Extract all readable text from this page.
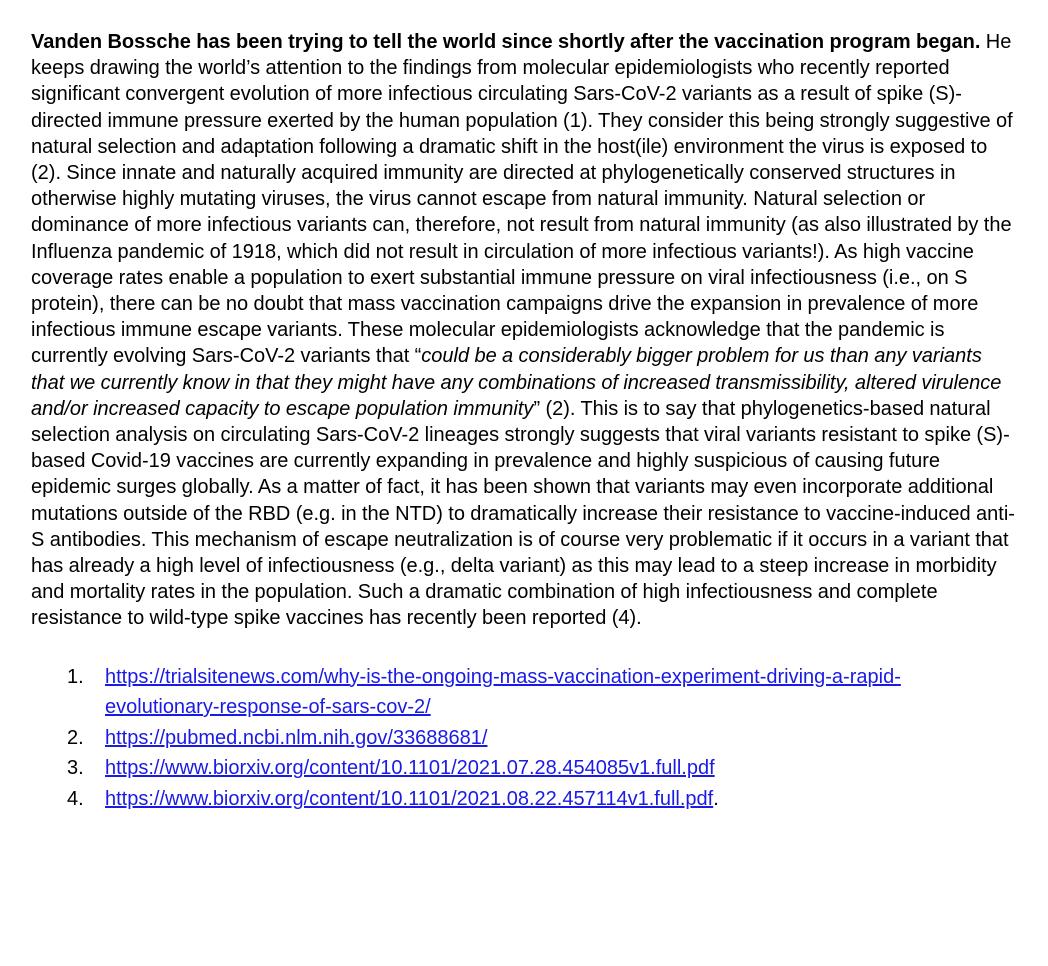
Vanden Bossche has been trying to tell the world since shortly after the vaccination program began. He keeps drawing the world’s attention to the findings from molecular epidemiologists who recently reported significant convergent evolution of more infectious circulating Sars-CoV-2 variants as a result of spike (S)-directed immune pressure exerted by the human population (1). They consider this being strongly suggestive of natural selection and adaptation following a dramatic shift in the host(ile) environment the virus is exposed to (2). Since innate and naturally acquired immunity are directed at phylogenetically conserved structures in otherwise highly mutating viruses, the virus cannot escape from natural immunity. Natural selection or dominance of more infectious variants can, therefore, not result from natural immunity (as also illustrated by the Influenza pandemic of 1918, which did not result in circulation of more infectious variants!). As high vaccine coverage rates enable a population to exert substantial immune pressure on viral infectiousness (i.e., on S protein), there can be no doubt that mass vaccination campaigns drive the expansion in prevalence of more infectious immune escape variants. These molecular epidemiologists acknowledge that the pandemic is currently evolving Sars-CoV-2 variants that “could be a considerably bigger problem for us than any variants that we currently know in that they might have any combinations of increased transmissibility, altered virulence and/or increased capacity to escape population immunity” (2). This is to say that phylogenetics-based natural selection analysis on circulating Sars-CoV-2 lineages strongly suggests that viral variants resistant to spike (S)-based Covid-19 vaccines are currently expanding in prevalence and highly suspicious of causing future epidemic surges globally. As a matter of fact, it has been shown that variants may even incorporate additional mutations outside of the RBD (e.g. in the NTD) to dramatically increase their resistance to vaccine-induced anti-S antibodies. This mechanism of escape neutralization is of course very problematic if it occurs in a variant that has already a high level of infectiousness (e.g., delta variant) as this may lead to a steep increase in morbidity and mortality rates in the population. Such a dramatic combination of high infectiousness and complete resistance to wild-type spike vaccines has recently been reported (4).

1. https://trialsitenews.com/why-is-the-ongoing-mass-vaccination-experiment-driving-a-rapid-evolutionary-response-of-sars-cov-2/
2. https://pubmed.ncbi.nlm.nih.gov/33688681/
3. https://www.biorxiv.org/content/10.1101/2021.07.28.454085v1.full.pdf
4. https://www.biorxiv.org/content/10.1101/2021.08.22.457114v1.full.pdf.
